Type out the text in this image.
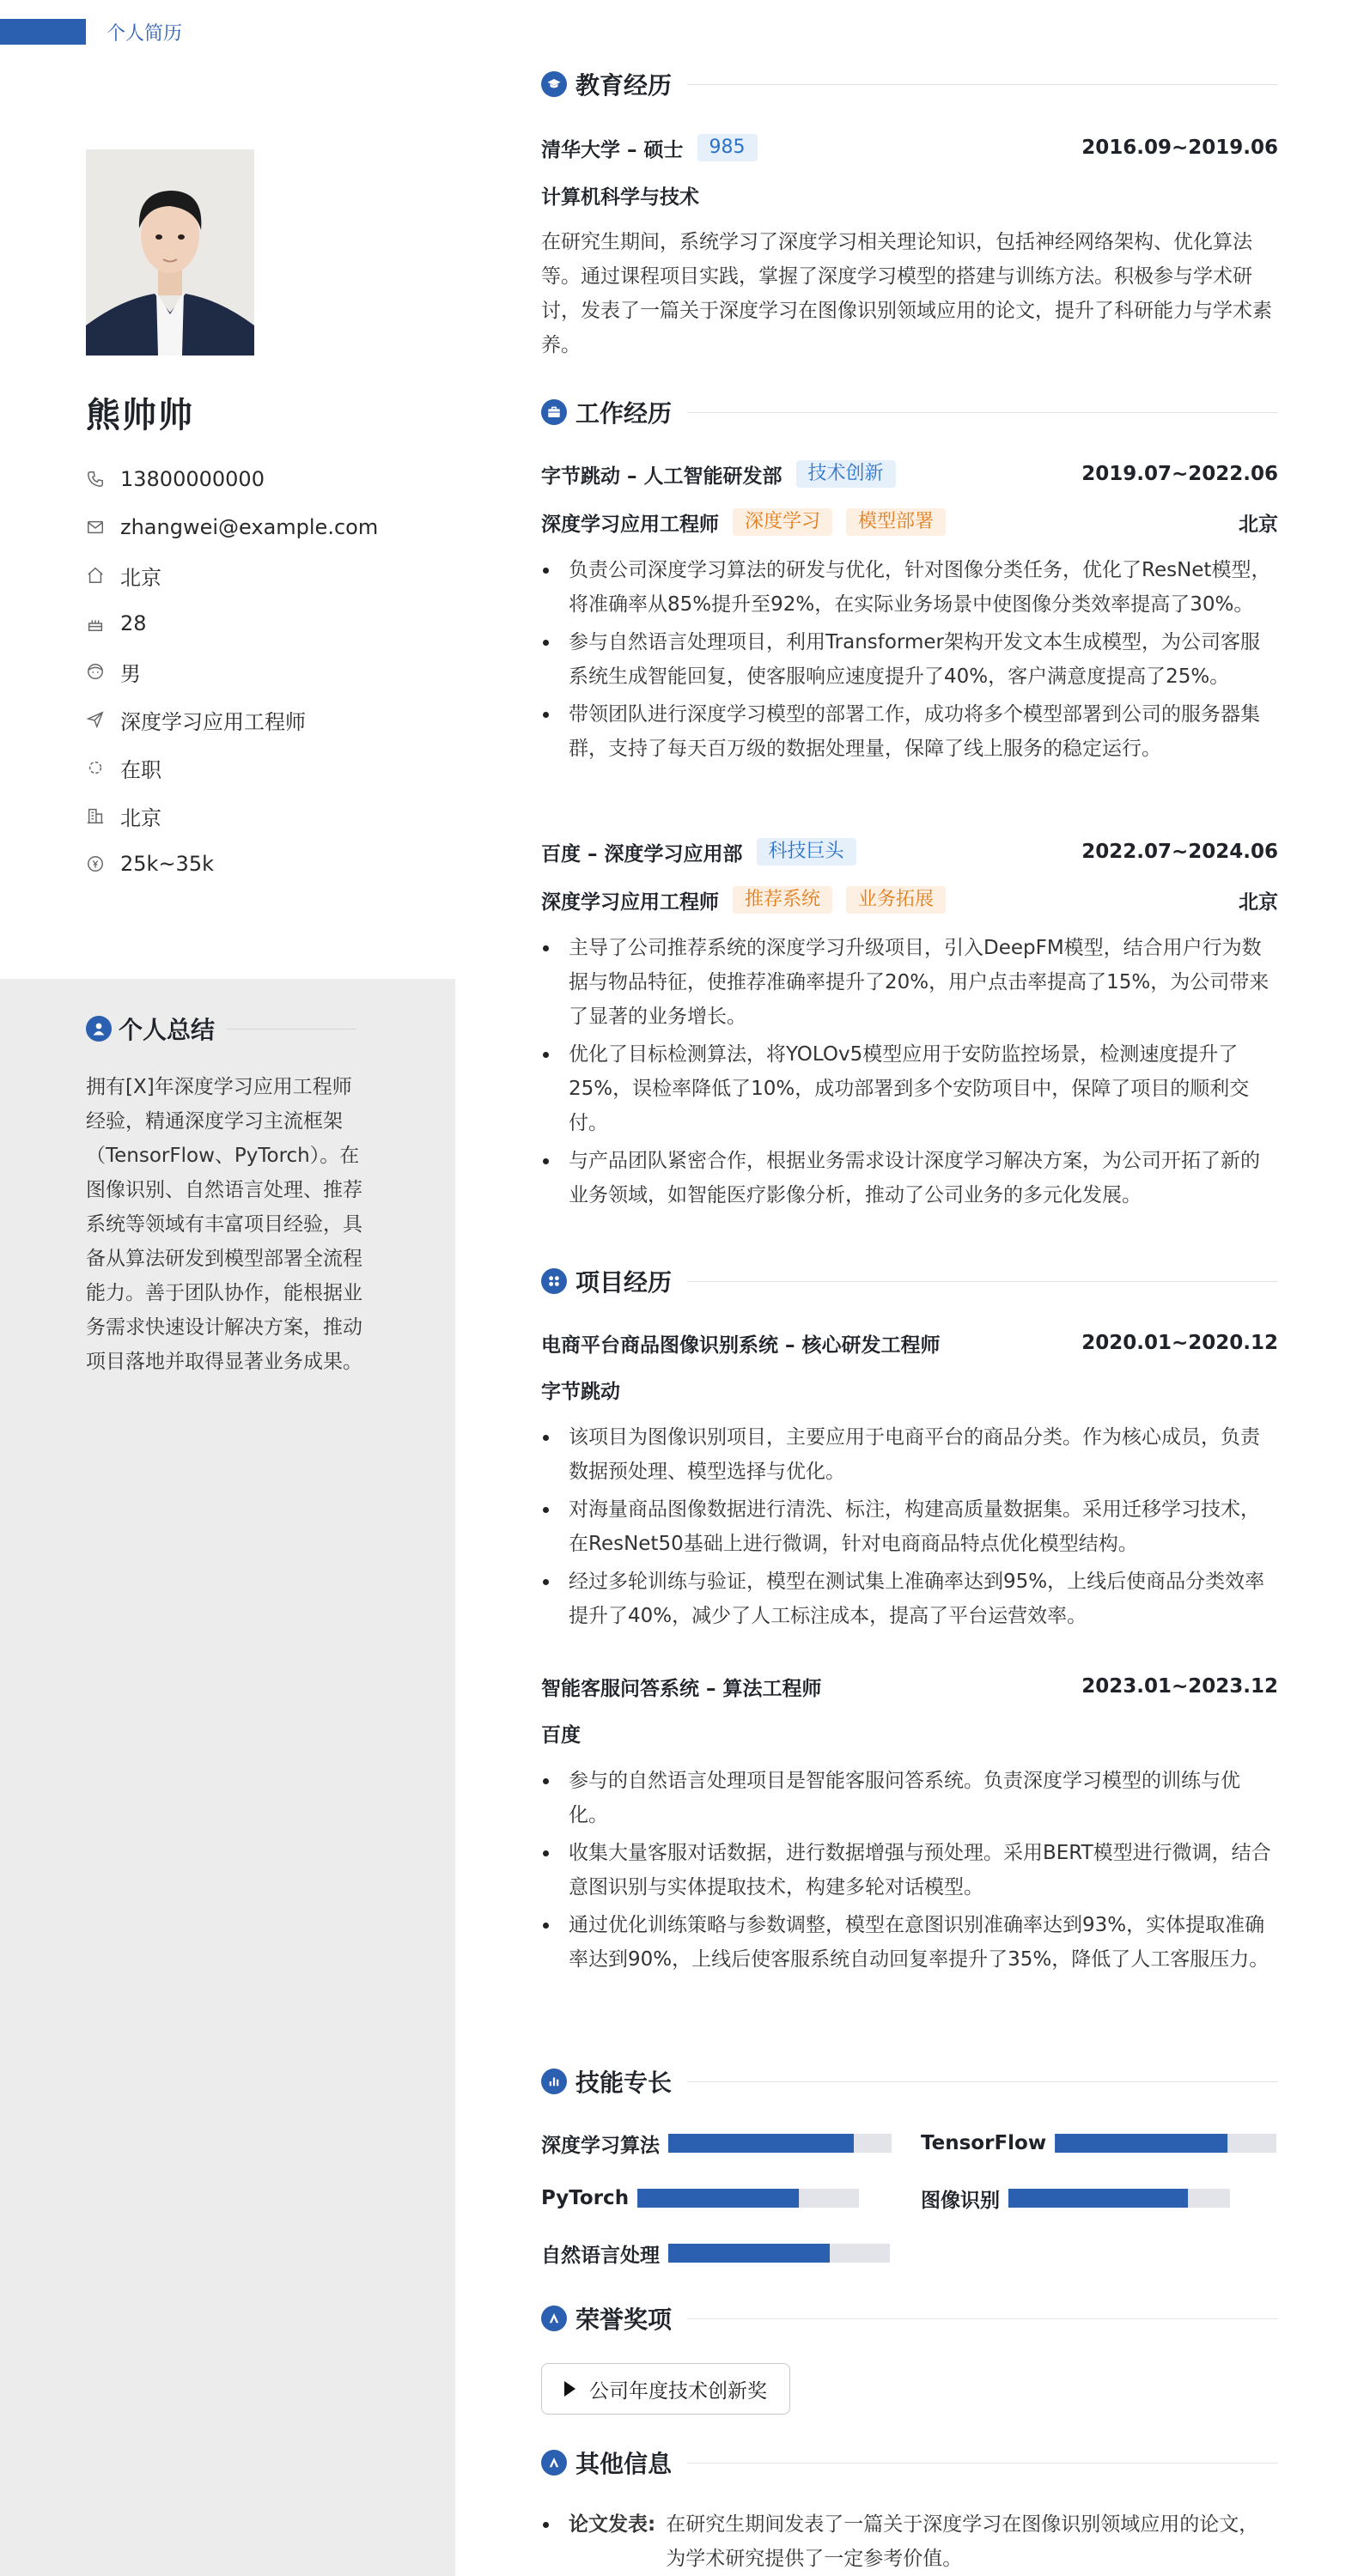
个人简历
熊帅帅
13800000000
zhangwei@example.com
北京
28
男
深度学习应用工程师
在职
北京
25k~35k
个人总结
拥有[X]年深度学习应用工程师经验，精通深度学习主流框架（TensorFlow、PyTorch）。在图像识别、自然语言处理、推荐系统等领域有丰富项目经验，具备从算法研发到模型部署全流程能力。善于团队协作，能根据业务需求快速设计解决方案，推动项目落地并取得显著业务成果。
教育经历
清华大学 – 硕士	985	2016.09~2019.06
计算机科学与技术

在研究生期间，系统学习了深度学习相关理论知识，包括神经网络架构、优化算法等。通过课程项目实践，掌握了深度学习模型的搭建与训练方法。积极参与学术研讨，发表了一篇关于深度学习在图像识别领域应用的论文，提升了科研能力与学术素养。

工作经历
字节跳动 – 人工智能研发部	技术创新	2019.07~2022.06
深度学习应用工程师	深度学习	模型部署	北京
负责公司深度学习算法的研发与优化，针对图像分类任务，优化了ResNet模型，将准确率从85%提升至92%，在实际业务场景中使图像分类效率提高了30%。
参与自然语言处理项目，利用Transformer架构开发文本生成模型，为公司客服系统生成智能回复，使客服响应速度提升了40%，客户满意度提高了25%。
带领团队进行深度学习模型的部署工作，成功将多个模型部署到公司的服务器集群，支持了每天百万级的数据处理量，保障了线上服务的稳定运行。
百度 – 深度学习应用部	科技巨头	2022.07~2024.06
深度学习应用工程师	推荐系统	业务拓展	北京
主导了公司推荐系统的深度学习升级项目，引入DeepFM模型，结合用户行为数据与物品特征，使推荐准确率提升了20%，用户点击率提高了15%，为公司带来了显著的业务增长。
优化了目标检测算法，将YOLOv5模型应用于安防监控场景，检测速度提升了25%，误检率降低了10%，成功部署到多个安防项目中，保障了项目的顺利交付。
与产品团队紧密合作，根据业务需求设计深度学习解决方案，为公司开拓了新的业务领域，如智能医疗影像分析，推动了公司业务的多元化发展。
项目经历
电商平台商品图像识别系统 – 核心研发工程师	2020.01~2020.12
字节跳动
该项目为图像识别项目，主要应用于电商平台的商品分类。作为核心成员，负责数据预处理、模型选择与优化。
对海量商品图像数据进行清洗、标注，构建高质量数据集。采用迁移学习技术，在ResNet50基础上进行微调，针对电商商品特点优化模型结构。
经过多轮训练与验证，模型在测试集上准确率达到95%，上线后使商品分类效率提升了40%，减少了人工标注成本，提高了平台运营效率。
智能客服问答系统 – 算法工程师	2023.01~2023.12
百度
参与的自然语言处理项目是智能客服问答系统。负责深度学习模型的训练与优化。
收集大量客服对话数据，进行数据增强与预处理。采用BERT模型进行微调，结合意图识别与实体提取技术，构建多轮对话模型。
通过优化训练策略与参数调整，模型在意图识别准确率达到93%，实体提取准确率达到90%，上线后使客服系统自动回复率提升了35%，降低了人工客服压力。
技能专长
深度学习算法	TensorFlow
PyTorch	图像识别
自然语言处理
荣誉奖项
公司年度技术创新奖
其他信息
论文发表: 在研究生期间发表了一篇关于深度学习在图像识别领域应用的论文，为学术研究提供了一定参考价值。
